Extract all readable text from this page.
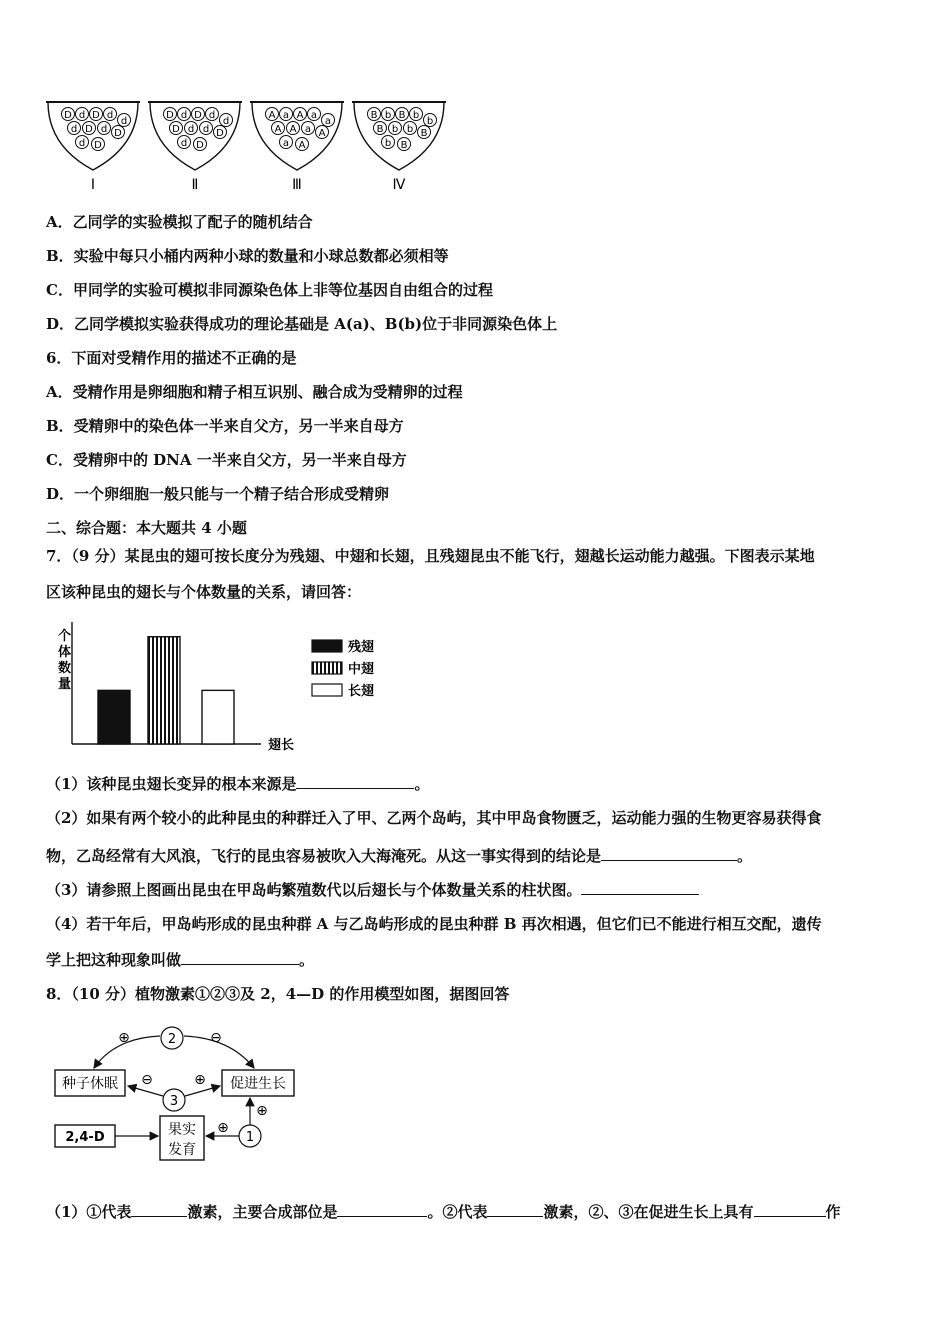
D d D d
d
d D d D
d D
Ⅰ
D d D d
d
D d d D
d D
Ⅱ
A a A a
a
A A a A
a A
Ⅲ
B b B b
b
B b b B
b B
Ⅳ
A．乙同学的实验模拟了配子的随机结合
B．实验中每只小桶内两种小球的数量和小球总数都必须相等
C．甲同学的实验可模拟非同源染色体上非等位基因自由组合的过程
D．乙同学模拟实验获得成功的理论基础是 A(a)、B(b)位于非同源染色体上
6．下面对受精作用的描述不正确的是
A．受精作用是卵细胞和精子相互识别、融合成为受精卵的过程
B．受精卵中的染色体一半来自父方，另一半来自母方
C．受精卵中的 DNA 一半来自父方，另一半来自母方
D．一个卵细胞一般只能与一个精子结合形成受精卵
二、综合题：本大题共 4 小题
7．（9 分）某昆虫的翅可按长度分为残翅、中翅和长翅，且残翅昆虫不能飞行，翅越长运动能力越强。下图表示某地
区该种昆虫的翅长与个体数量的关系，请回答：
个
体
数
量
翅长
残翅
中翅
长翅
（1）该种昆虫翅长变异的根本来源是	。
（2）如果有两个较小的此种昆虫的种群迁入了甲、乙两个岛屿，其中甲岛食物匮乏，运动能力强的生物更容易获得食
物，乙岛经常有大风浪，飞行的昆虫容易被吹入大海淹死。从这一事实得到的结论是	。
（3）请参照上图画出昆虫在甲岛屿繁殖数代以后翅长与个体数量关系的柱状图。
（4）若干年后，甲岛屿形成的昆虫种群 A 与乙岛屿形成的昆虫种群 B 再次相遇，但它们已不能进行相互交配，遗传
学上把这种现象叫做	。
8．（10 分）植物激素①②③及 2，4—D 的作用模型如图，据图回答
种子休眠	促进生长
2,4-D	果实
发育
2
3
1
⊕	⊖
⊖	⊕
⊕
⊕
（1）①代表	激素，主要合成部位是	。②代表	激素，②、③在促进生长上具有	作
